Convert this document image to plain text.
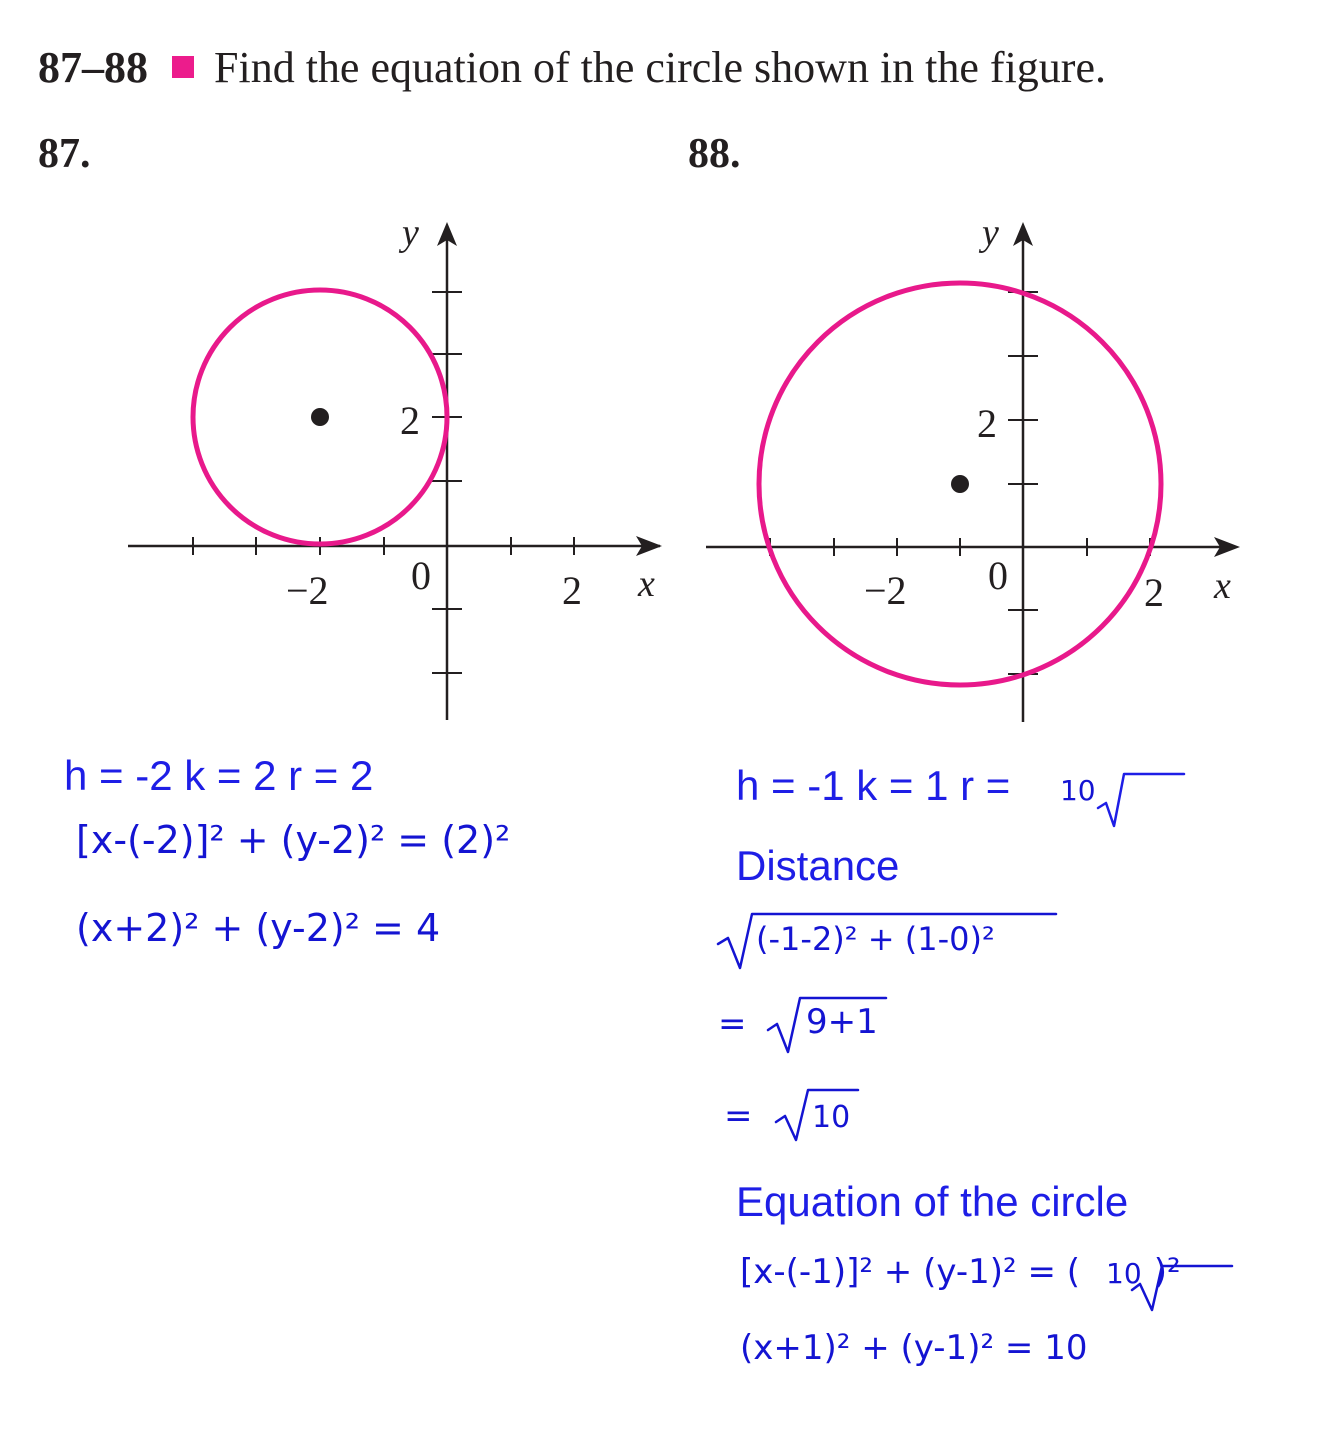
87–88 Find the equation of the circle shown in the figure.
87.	88.
y
2
−2 0	2 x
y
2
−2 0	2 x
h = -2 k = 2 r = 2
[x-(-2)]² + (y-2)² = (2)²
(x+2)² + (y-2)² = 4
h = -1 k = 1 r = 10
Distance
(-1-2)² + (1-0)²
= 9+1
= 10
Equation of the circle
[x-(-1)]² + (y-1)² = ( 10 )²
(x+1)² + (y-1)² = 10
